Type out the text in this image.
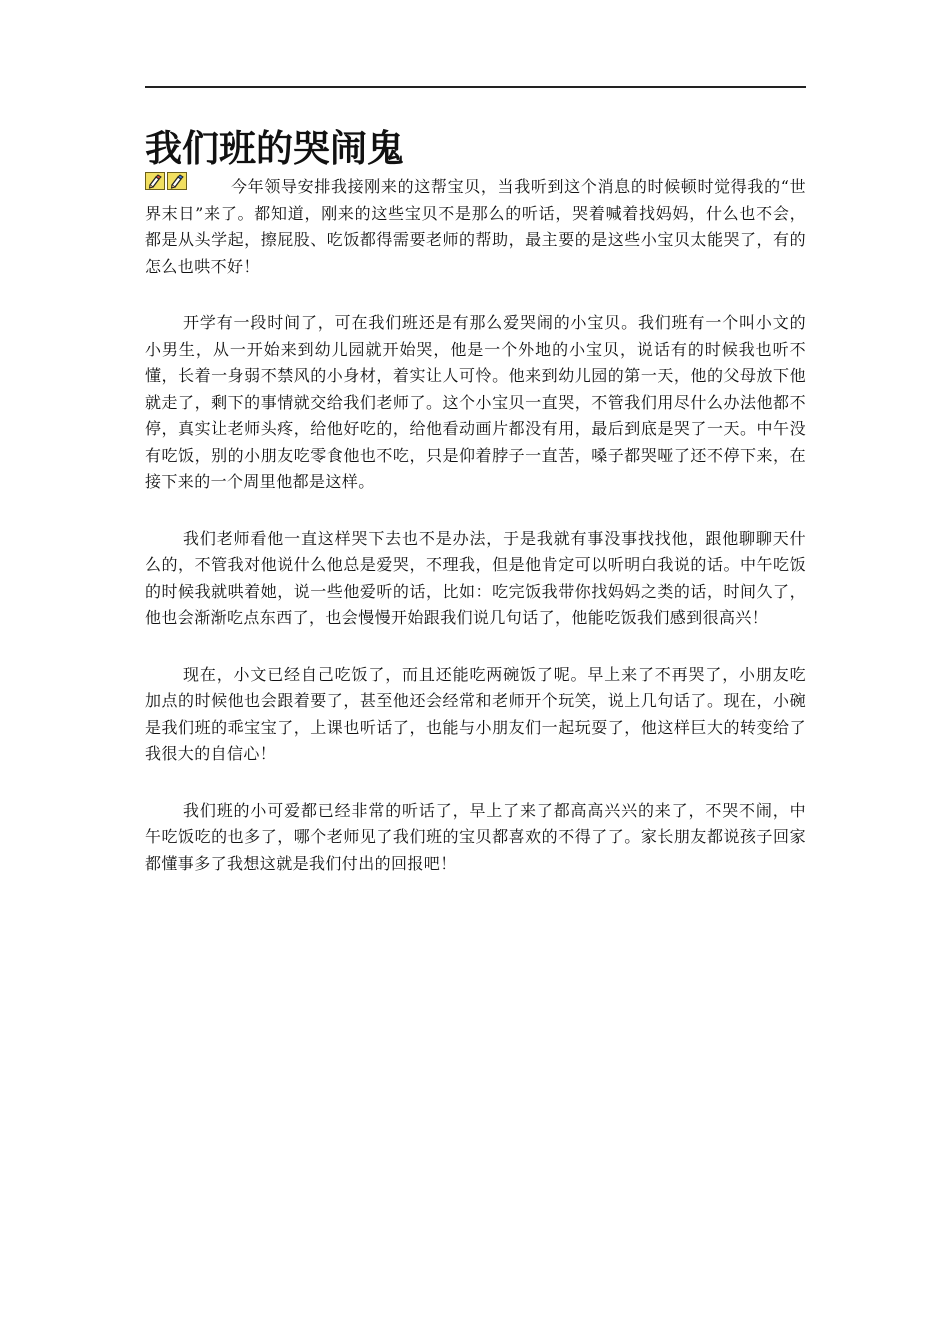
我们班的哭闹鬼

今年领导安排我接刚来的这帮宝贝，当我听到这个消息的时候顿时觉得我的“世界末日”来了。都知道，刚来的这些宝贝不是那么的听话，哭着喊着找妈妈，什么也不会，都是从头学起，擦屁股、吃饭都得需要老师的帮助，最主要的是这些小宝贝太能哭了，有的怎么也哄不好！

开学有一段时间了，可在我们班还是有那么爱哭闹的小宝贝。我们班有一个叫小文的小男生，从一开始来到幼儿园就开始哭，他是一个外地的小宝贝，说话有的时候我也听不懂，长着一身弱不禁风的小身材，着实让人可怜。他来到幼儿园的第一天，他的父母放下他就走了，剩下的事情就交给我们老师了。这个小宝贝一直哭，不管我们用尽什么办法他都不停，真实让老师头疼，给他好吃的，给他看动画片都没有用，最后到底是哭了一天。中午没有吃饭，别的小朋友吃零食他也不吃，只是仰着脖子一直苦，嗓子都哭哑了还不停下来，在接下来的一个周里他都是这样。

我们老师看他一直这样哭下去也不是办法，于是我就有事没事找找他，跟他聊聊天什么的，不管我对他说什么他总是爱哭，不理我，但是他肯定可以听明白我说的话。中午吃饭的时候我就哄着她，说一些他爱听的话，比如：吃完饭我带你找妈妈之类的话，时间久了，他也会渐渐吃点东西了，也会慢慢开始跟我们说几句话了，他能吃饭我们感到很高兴！

现在，小文已经自己吃饭了，而且还能吃两碗饭了呢。早上来了不再哭了，小朋友吃加点的时候他也会跟着要了，甚至他还会经常和老师开个玩笑，说上几句话了。现在，小碗是我们班的乖宝宝了，上课也听话了，也能与小朋友们一起玩耍了，他这样巨大的转变给了我很大的自信心！

我们班的小可爱都已经非常的听话了，早上了来了都高高兴兴的来了，不哭不闹，中午吃饭吃的也多了，哪个老师见了我们班的宝贝都喜欢的不得了了。家长朋友都说孩子回家都懂事多了我想这就是我们付出的回报吧！
